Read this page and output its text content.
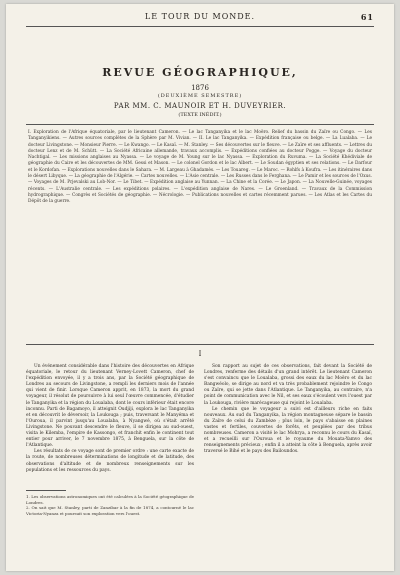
LE TOUR DU MONDE.	61
REVUE GÉOGRAPHIQUE,
1876
(DEUXIÈME SEMESTRE)
PAR MM. C. MAUNOIR ET H. DUVEYRIER.
(TEXTE INÉDIT.)
I. Exploration de l'Afrique équatoriale, par le lieutenant Cameron. — Le lac Tanganyika et le lac Moëro. Relief du bassin du Zaïre ou Congo. — Les Tanganyikiens. — Autres sources complètes de la Sphère par M. Vivian. — II. Le lac Tanganyika. — Expédition française ou belge. — La Lualaba. — Le docteur Livingstone. — Monsieur Pierre. — Le Kwango. — Le Kasaï. — M. Stanley. — Ses découvertes sur le fleuve. — Le Zaïre et ses affluents. — Lettres du docteur Lenz et de M. Schütt. — La Société Africaine allemande, travaux accomplis. — Expéditions confiées au docteur Pogge. — Voyage du docteur Nachtigal. — Les missions anglaises au Nyassa. — Le voyage de M. Young sur le lac Nyassa. — Exploration du Ruvuma. — La Société Khédiviale de géographie du Caire et les découvertes de MM. Gessi et Mason. — Le colonel Gordon et le lac Albert. — Le Soudan égyptien et ses relations. — Le Darfour et le Kordofan. — Explorations nouvelles dans le Sahara. — M. Largeau à Ghadamès. — Les Touareg. — Le Maroc. — Rohlfs à Koufra. — Les itinéraires dans le désert Libyque. — La géographie de l'Algérie. — Cartes nouvelles. — L'Asie centrale. — Les Russes dans le Ferghana. — Le Pamir et les sources de l'Oxus. — Voyages de M. Prjevalski au Lob-Nor. — Le Tibet. — Expédition anglaise au Yunnan. — La Chine et la Corée. — Le Japon. — La Nouvelle-Guinée, voyages récents. — L'Australie centrale. — Les expéditions polaires. — L'expédition anglaise de Nares. — Le Groenland. — Travaux de la Commission hydrographique. — Congrès et Sociétés de géographie. — Nécrologie. — Publications nouvelles et cartes récemment parues. — Les Atlas et les Cartes du Dépôt de la guerre.
I

Un événement considérable dans l'histoire des découvertes en Afrique équatoriale, le retour du lieutenant Verney-Lovett Cameron, chef de l'expédition envoyée, il y a trois ans, par la Société géographique de Londres au secours de Livingstone, a rempli les derniers mois de l'année qui vient de finir. Lorsque Cameron apprit, en 1873, la mort du grand voyageur, il résolut de poursuivre à lui seul l'œuvre commencée, d'étudier le Tanganyika et la région du Loualaba, dont le cours inférieur était encore inconnu. Parti de Bagamoyo, il atteignit Oudjiji, explora le lac Tanganyika et en découvrit le déversoir, la Loukouga ; puis, traversant le Manyéma et l'Ouroua, il parvint jusqu'au Loualaba, à Nyangwé, où s'était arrêté Livingstone. Ne pouvant descendre le fleuve, il se dirigea au sud-ouest, visita le Kilemba, l'empire de Kassongo, et franchit enfin le continent tout entier pour arriver, le 7 novembre 1875, à Benguela, sur la côte de l'Atlantique.

Les résultats de ce voyage sont de premier ordre : une carte exacte de la route, de nombreuses déterminations de longitude et de latitude, des observations d'altitude et de nombreux renseignements sur les populations et les ressources du pays.

Son rapport au sujet de ces observations, fait devant la Société de Londres, renferme des détails d'un grand intérêt. Le lieutenant Cameron s'est convaincu que le Loualaba, grossi des eaux du lac Moëro et du lac Bangwéolo, se dirige au nord et va très probablement rejoindre le Congo ou Zaïre, qui se jette dans l'Atlantique. Le Tanganyika, au contraire, n'a point de communication avec le Nil, et ses eaux s'écoulent vers l'ouest par la Loukouga, rivière marécageuse qui rejoint le Loualaba.

Le chemin que le voyageur a suivi est d'ailleurs riche en faits nouveaux. Au sud du Tanganyika, la région montagneuse sépare le bassin du Zaïre de celui du Zambèze ; plus loin, le pays s'abaisse en plaines vastes et fertiles, couvertes de forêts, et peuplées par des tribus nombreuses. Cameron a visité le lac Mohrya, a reconnu le cours du Kasaï, et a recueilli sur l'Ouroua et le royaume du Mouata-Yamvo des renseignements précieux ; enfin il a atteint la côte à Benguela, après avoir traversé le Bihé et le pays des Bailoundos.

1. Les observations astronomiques ont été calculées à la Société géographique de Londres.

2. On sait que M. Stanley, parti de Zanzibar à la fin de 1874, a contourné le lac Victoria-Nyanza et poursuit son exploration vers l'ouest.
